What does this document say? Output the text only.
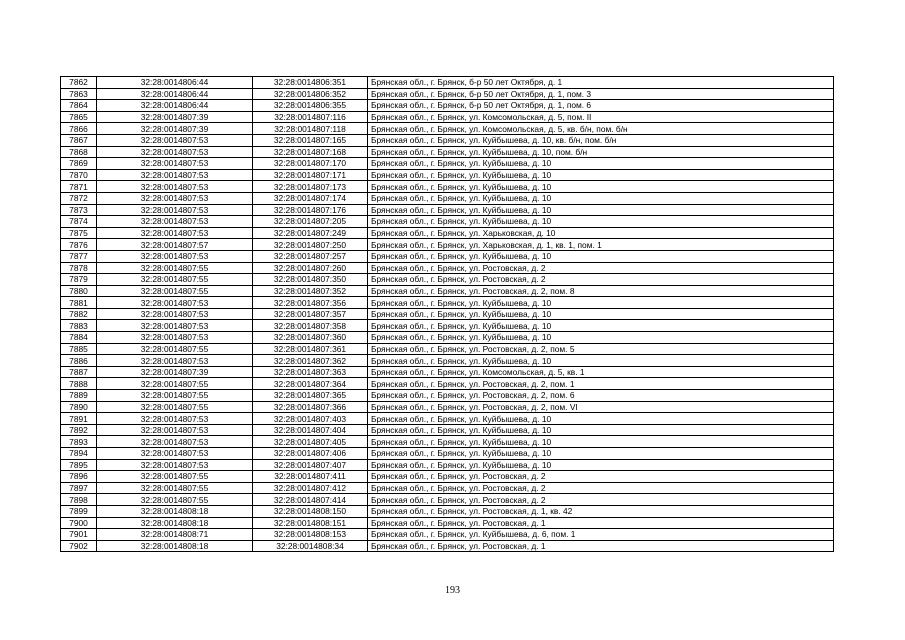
7862	32:28:0014806:44	32:28:0014806:351	Брянская обл., г. Брянск, б-р 50 лет Октября, д. 1
7863	32:28:0014806:44	32:28:0014806:352	Брянская обл., г. Брянск, б-р 50 лет Октября, д. 1, пом. 3
7864	32:28:0014806:44	32:28:0014806:355	Брянская обл., г. Брянск, б-р 50 лет Октября, д. 1, пом. 6
7865	32:28:0014807:39	32:28:0014807:116	Брянская обл., г. Брянск, ул. Комсомольская, д. 5, пом. II
7866	32:28:0014807:39	32:28:0014807:118	Брянская обл., г. Брянск, ул. Комсомольская, д. 5, кв. б/н, пом. б/н
7867	32:28:0014807:53	32:28:0014807:165	Брянская обл., г. Брянск, ул. Куйбышева, д. 10, кв. б/н, пом. б/н
7868	32:28:0014807:53	32:28:0014807:168	Брянская обл., г. Брянск, ул. Куйбышева, д. 10, пом. б/н
7869	32:28:0014807:53	32:28:0014807:170	Брянская обл., г. Брянск, ул. Куйбышева, д. 10
7870	32:28:0014807:53	32:28:0014807:171	Брянская обл., г. Брянск, ул. Куйбышева, д. 10
7871	32:28:0014807:53	32:28:0014807:173	Брянская обл., г. Брянск, ул. Куйбышева, д. 10
7872	32:28:0014807:53	32:28:0014807:174	Брянская обл., г. Брянск, ул. Куйбышева, д. 10
7873	32:28:0014807:53	32:28:0014807:176	Брянская обл., г. Брянск, ул. Куйбышева, д. 10
7874	32:28:0014807:53	32:28:0014807:205	Брянская обл., г. Брянск, ул. Куйбышева, д. 10
7875	32:28:0014807:53	32:28:0014807:249	Брянская обл., г. Брянск, ул. Харьковская, д. 10
7876	32:28:0014807:57	32:28:0014807:250	Брянская обл., г. Брянск, ул. Харьковская, д. 1, кв. 1, пом. 1
7877	32:28:0014807:53	32:28:0014807:257	Брянская обл., г. Брянск, ул. Куйбышева, д. 10
7878	32:28:0014807:55	32:28:0014807:260	Брянская обл., г. Брянск, ул. Ростовская, д. 2
7879	32:28:0014807:55	32:28:0014807:350	Брянская обл., г. Брянск, ул. Ростовская, д. 2
7880	32:28:0014807:55	32:28:0014807:352	Брянская обл., г. Брянск, ул. Ростовская, д. 2, пом. 8
7881	32:28:0014807:53	32:28:0014807:356	Брянская обл., г. Брянск, ул. Куйбышева, д. 10
7882	32:28:0014807:53	32:28:0014807:357	Брянская обл., г. Брянск, ул. Куйбышева, д. 10
7883	32:28:0014807:53	32:28:0014807:358	Брянская обл., г. Брянск, ул. Куйбышева, д. 10
7884	32:28:0014807:53	32:28:0014807:360	Брянская обл., г. Брянск, ул. Куйбышева, д. 10
7885	32:28:0014807:55	32:28:0014807:361	Брянская обл., г. Брянск, ул. Ростовская, д. 2, пом. 5
7886	32:28:0014807:53	32:28:0014807:362	Брянская обл., г. Брянск, ул. Куйбышева, д. 10
7887	32:28:0014807:39	32:28:0014807:363	Брянская обл., г. Брянск, ул. Комсомольская, д. 5, кв. 1
7888	32:28:0014807:55	32:28:0014807:364	Брянская обл., г. Брянск, ул. Ростовская, д. 2, пом. 1
7889	32:28:0014807:55	32:28:0014807:365	Брянская обл., г. Брянск, ул. Ростовская, д. 2, пом. 6
7890	32:28:0014807:55	32:28:0014807:366	Брянская обл., г. Брянск, ул. Ростовская, д. 2, пом. VI
7891	32:28:0014807:53	32:28:0014807:403	Брянская обл., г. Брянск, ул. Куйбышева, д. 10
7892	32:28:0014807:53	32:28:0014807:404	Брянская обл., г. Брянск, ул. Куйбышева, д. 10
7893	32:28:0014807:53	32:28:0014807:405	Брянская обл., г. Брянск, ул. Куйбышева, д. 10
7894	32:28:0014807:53	32:28:0014807:406	Брянская обл., г. Брянск, ул. Куйбышева, д. 10
7895	32:28:0014807:53	32:28:0014807:407	Брянская обл., г. Брянск, ул. Куйбышева, д. 10
7896	32:28:0014807:55	32:28:0014807:411	Брянская обл., г. Брянск, ул. Ростовская, д. 2
7897	32:28:0014807:55	32:28:0014807:412	Брянская обл., г. Брянск, ул. Ростовская, д. 2
7898	32:28:0014807:55	32:28:0014807:414	Брянская обл., г. Брянск, ул. Ростовская, д. 2
7899	32:28:0014808:18	32:28:0014808:150	Брянская обл., г. Брянск, ул. Ростовская, д. 1, кв. 42
7900	32:28:0014808:18	32:28:0014808:151	Брянская обл., г. Брянск, ул. Ростовская, д. 1
7901	32:28:0014808:71	32:28:0014808:153	Брянская обл., г. Брянск, ул. Куйбышева, д. 6, пом. 1
7902	32:28:0014808:18	32:28:0014808:34	Брянская обл., г. Брянск, ул. Ростовская, д. 1
193
